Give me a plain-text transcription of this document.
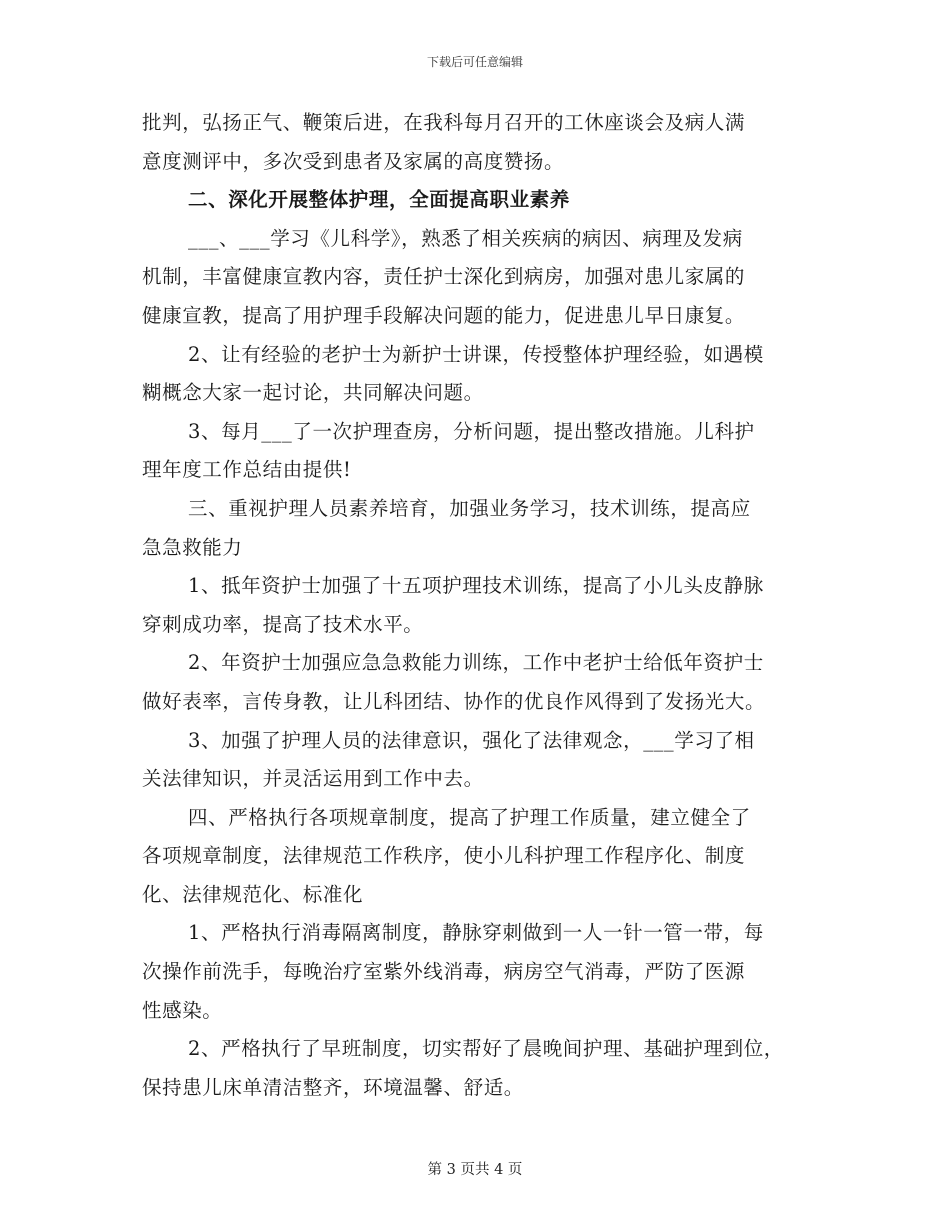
下载后可任意编辑

批判，弘扬正气、鞭策后进，在我科每月召开的工休座谈会及病人满

意度测评中，多次受到患者及家属的高度赞扬。

二、深化开展整体护理，全面提高职业素养

___、___学习《儿科学》，熟悉了相关疾病的病因、病理及发病

机制，丰富健康宣教内容，责任护士深化到病房，加强对患儿家属的

健康宣教，提高了用护理手段解决问题的能力，促进患儿早日康复。

2、让有经验的老护士为新护士讲课，传授整体护理经验，如遇模

糊概念大家一起讨论，共同解决问题。

3、每月___了一次护理查房，分析问题，提出整改措施。儿科护

理年度工作总结由提供!

三、重视护理人员素养培育，加强业务学习，技术训练，提高应

急急救能力

1、抵年资护士加强了十五项护理技术训练，提高了小儿头皮静脉

穿刺成功率，提高了技术水平。

2、年资护士加强应急急救能力训练，工作中老护士给低年资护士

做好表率，言传身教，让儿科团结、协作的优良作风得到了发扬光大。

3、加强了护理人员的法律意识，强化了法律观念，___学习了相

关法律知识，并灵活运用到工作中去。

四、严格执行各项规章制度，提高了护理工作质量，建立健全了

各项规章制度，法律规范工作秩序，使小儿科护理工作程序化、制度

化、法律规范化、标准化

1、严格执行消毒隔离制度，静脉穿刺做到一人一针一管一带，每

次操作前洗手，每晚治疗室紫外线消毒，病房空气消毒，严防了医源

性感染。

2、严格执行了早班制度，切实帮好了晨晚间护理、基础护理到位，

保持患儿床单清洁整齐，环境温馨、舒适。

第 3 页共 4 页
